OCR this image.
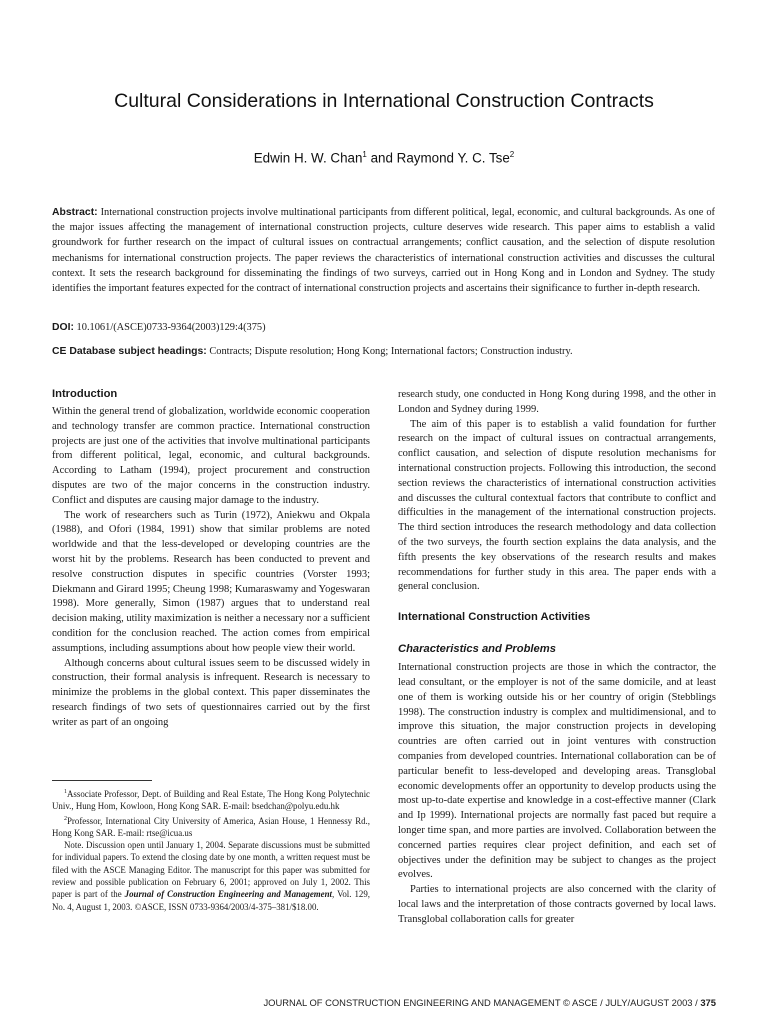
Cultural Considerations in International Construction Contracts
Edwin H. W. Chan$^1$ and Raymond Y. C. Tse$^2$
Abstract: International construction projects involve multinational participants from different political, legal, economic, and cultural backgrounds. As one of the major issues affecting the management of international construction projects, culture deserves wide research. This paper aims to establish a valid groundwork for further research on the impact of cultural issues on contractual arrangements; conflict causation, and the selection of dispute resolution mechanisms for international construction projects. The paper reviews the characteristics of international construction activities and discusses the cultural context. It sets the research background for disseminating the findings of two surveys, carried out in Hong Kong and in London and Sydney. The study identifies the important features expected for the contract of international construction projects and ascertains their significance to further in-depth research.
DOI: 10.1061/(ASCE)0733-9364(2003)129:4(375)
CE Database subject headings: Contracts; Dispute resolution; Hong Kong; International factors; Construction industry.
Introduction

Within the general trend of globalization, worldwide economic cooperation and technology transfer are common practice. International construction projects are just one of the activities that involve multinational participants from different political, legal, economic, and cultural backgrounds. According to Latham (1994), project procurement and construction disputes are two of the major concerns in the construction industry. Conflict and disputes are causing major damage to the industry.

The work of researchers such as Turin (1972), Aniekwu and Okpala (1988), and Ofori (1984, 1991) show that similar problems are noted worldwide and that the less-developed or developing countries are the worst hit by the problems. Research has been conducted to prevent and resolve construction disputes in specific countries (Vorster 1993; Diekmann and Girard 1995; Cheung 1998; Kumaraswamy and Yogeswaran 1998). More generally, Simon (1987) argues that to understand real decision making, utility maximization is neither a necessary nor a sufficient condition for the conclusion reached. The action comes from empirical assumptions, including assumptions about how people view their world.

Although concerns about cultural issues seem to be discussed widely in construction, their formal analysis is infrequent. Research is necessary to minimize the problems in the global context. This paper disseminates the research findings of two sets of questionnaires carried out by the first writer as part of an ongoing

$^1$Associate Professor, Dept. of Building and Real Estate, The Hong Kong Polytechnic Univ., Hung Hom, Kowloon, Hong Kong SAR. E-mail: bsedchan@polyu.edu.hk

$^2$Professor, International City University of America, Asian House, 1 Hennessy Rd., Hong Kong SAR. E-mail: rtse@icua.us

Note. Discussion open until January 1, 2004. Separate discussions must be submitted for individual papers. To extend the closing date by one month, a written request must be filed with the ASCE Managing Editor. The manuscript for this paper was submitted for review and possible publication on February 6, 2001; approved on July 1, 2002. This paper is part of the Journal of Construction Engineering and Management, Vol. 129, No. 4, August 1, 2003. ©ASCE, ISSN 0733-9364/2003/4-375–381/$18.00.

research study, one conducted in Hong Kong during 1998, and the other in London and Sydney during 1999.

The aim of this paper is to establish a valid foundation for further research on the impact of cultural issues on contractual arrangements, conflict causation, and selection of dispute resolution mechanisms for international construction projects. Following this introduction, the second section reviews the characteristics of international construction activities and discusses the cultural contextual factors that contribute to conflict and difficulties in the management of the international construction projects. The third section introduces the research methodology and data collection of the two surveys, the fourth section explains the data analysis, and the fifth presents the key observations of the research results and makes recommendations for further study in this area. The paper ends with a general conclusion.

International Construction Activities
Characteristics and Problems

International construction projects are those in which the contractor, the lead consultant, or the employer is not of the same domicile, and at least one of them is working outside his or her country of origin (Stebblings 1998). The construction industry is complex and multidimensional, and to improve this situation, the major construction projects in developing countries are often carried out in joint ventures with construction companies from developed countries. International collaboration can be of particular benefit to less-developed and developing areas. Transglobal economic developments offer an opportunity to develop products using the most up-to-date expertise and knowledge in a cost-effective manner (Clark and Ip 1999). International projects are normally fast paced but require a longer time span, and more parties are involved. Collaboration between the concerned parties requires clear project definition, and each set of objectives under the definition may be subject to changes as the project evolves.

Parties to international projects are also concerned with the clarity of local laws and the interpretation of those contracts governed by local laws. Transglobal collaboration calls for greater

JOURNAL OF CONSTRUCTION ENGINEERING AND MANAGEMENT © ASCE / JULY/AUGUST 2003 / 375
